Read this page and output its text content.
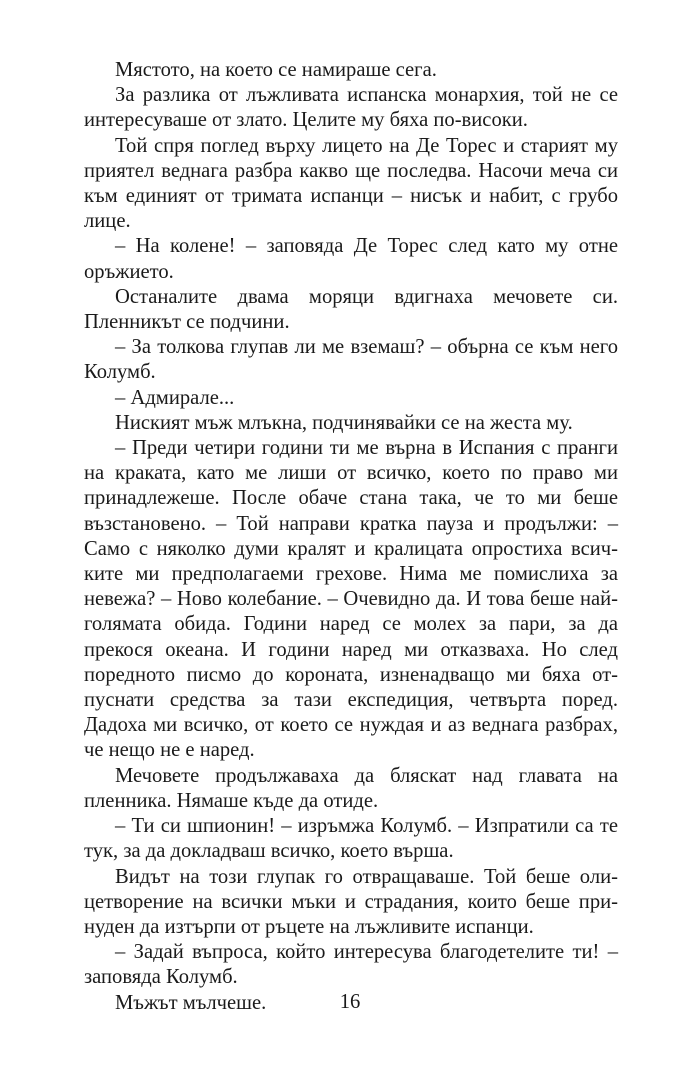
Мястото, на което се намираше сега.

За разлика от лъжливата испанска монархия, той не се интересуваше от злато. Целите му бяха по-високи.

Той спря поглед върху лицето на Де Торес и старият му приятел веднага разбра какво ще последва. Насочи меча си към единият от тримата испанци – нисък и набит, с грубо лице.

– На колене! – заповяда Де Торес след като му отне оръжието.

Останалите двама моряци вдигнаха мечовете си. Пленникът се подчини.

– За толкова глупав ли ме вземаш? – обърна се към него Колумб.

– Адмирале...

Ниският мъж млъкна, подчинявайки се на жеста му.

– Преди четири години ти ме върна в Испания с пранги на краката, като ме лиши от всичко, което по право ми принадлежеше. После обаче стана така, че то ми беше възстановено. – Той направи кратка пауза и продължи: – Само с няколко думи кралят и кралицата опростиха всичките ми предполагаеми грехове. Нима ме помислиха за невежа? – Ново колебание. – Очевидно да. И това беше най-голямата обида. Години наред се молех за пари, за да прекося океана. И години наред ми отказваха. Но след поредното писмо до короната, изненадващо ми бяха отпуснати средства за тази експедиция, четвърта поред. Дадоха ми всичко, от което се нуждая и аз веднага разбрах, че нещо не е наред.

Мечовете продължаваха да бляскат над главата на пленника. Нямаше къде да отиде.

– Ти си шпионин! – изръмжа Колумб. – Изпратили са те тук, за да докладваш всичко, което върша.

Видът на този глупак го отвращаваше. Той беше олицетворение на всички мъки и страдания, които беше принуден да изтърпи от ръцете на лъжливите испанци.

– Задай въпроса, който интересува благодетелите ти! – заповяда Колумб.

Мъжът мълчеше.	16
